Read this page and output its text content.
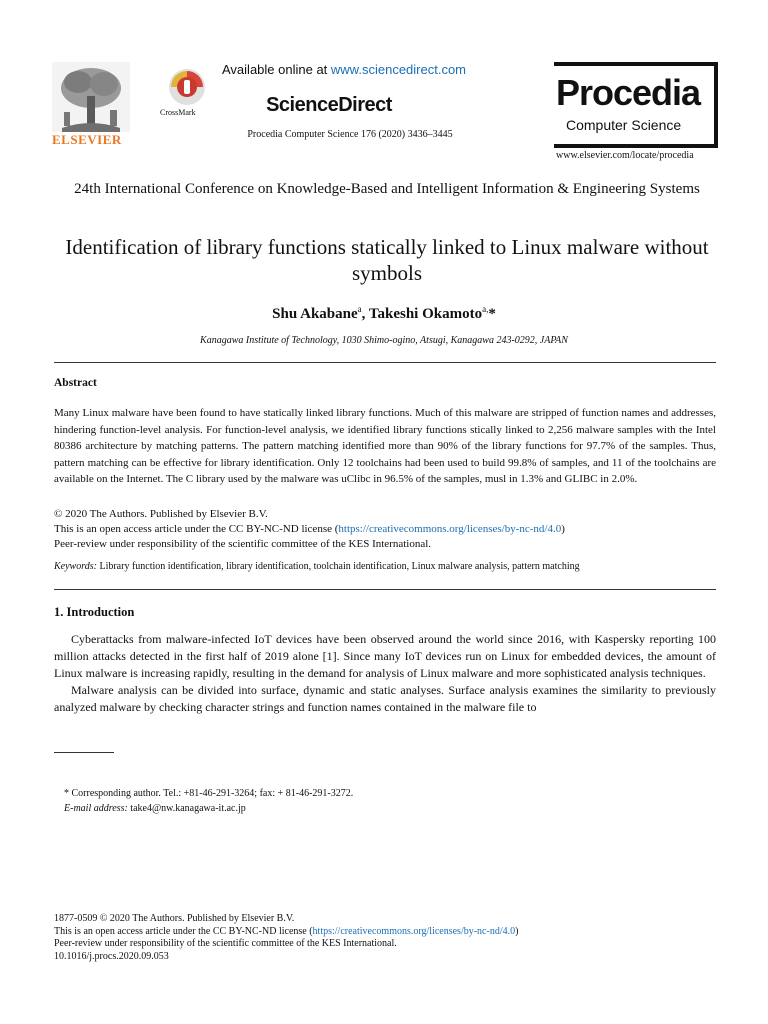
ELSEVIER
CrossMark
Available online at www.sciencedirect.com
ScienceDirect
Procedia Computer Science 176 (2020) 3436–3445
Procedia
Computer Science
www.elsevier.com/locate/procedia
24th International Conference on Knowledge-Based and Intelligent Information & Engineering Systems
Identification of library functions statically linked to Linux malware without symbols
Shu Akabane$^a$, Takeshi Okamoto$^{a,}$*
Kanagawa Institute of Technology, 1030 Shimo-ogino, Atsugi, Kanagawa 243-0292, JAPAN
Abstract
Many Linux malware have been found to have statically linked library functions. Much of this malware are stripped of function names and addresses, hindering function-level analysis. For function-level analysis, we identified library functions stically linked to 2,256 malware samples with the Intel 80386 architecture by matching patterns. The pattern matching identified more than 90% of the library functions for 97.7% of the samples. Thus, pattern matching can be effective for library identification. Only 12 toolchains had been used to build 99.8% of samples, and 11 of the toolchains are available on the Internet. The C library used by the malware was uClibc in 96.5% of the samples, musl in 1.3% and GLIBC in 2.0%.
© 2020 The Authors. Published by Elsevier B.V.
This is an open access article under the CC BY-NC-ND license (https://creativecommons.org/licenses/by-nc-nd/4.0)
Peer-review under responsibility of the scientific committee of the KES International.
Keywords: Library function identification, library identification, toolchain identification, Linux malware analysis, pattern matching
1. Introduction

Cyberattacks from malware-infected IoT devices have been observed around the world since 2016, with Kaspersky reporting 100 million attacks detected in the first half of 2019 alone [1]. Since many IoT devices run on Linux for embedded devices, the amount of Linux malware is increasing rapidly, resulting in the demand for analysis of Linux malware and more sophisticated analysis techniques.

Malware analysis can be divided into surface, dynamic and static analyses. Surface analysis examines the similarity to previously analyzed malware by checking character strings and function names contained in the malware file to

* Corresponding author. Tel.: +81-46-291-3264; fax: + 81-46-291-3272.
E-mail address: take4@nw.kanagawa-it.ac.jp
1877-0509 © 2020 The Authors. Published by Elsevier B.V.
This is an open access article under the CC BY-NC-ND license (https://creativecommons.org/licenses/by-nc-nd/4.0)
Peer-review under responsibility of the scientific committee of the KES International.
10.1016/j.procs.2020.09.053
